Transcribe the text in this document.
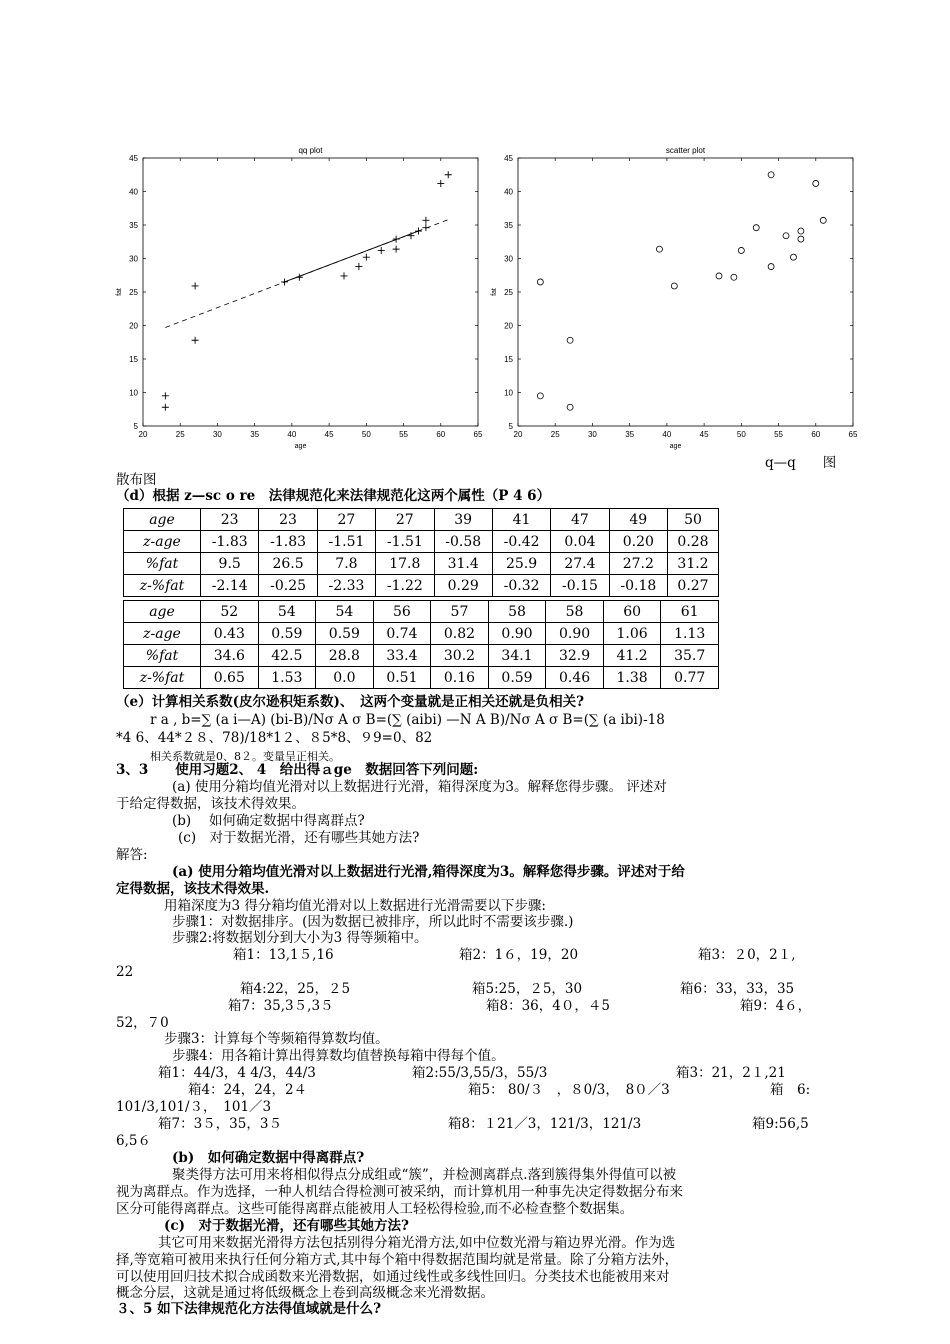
qq plot
20	25	30	35	40	45	50	55	60	65
5
10
15
20
25
30
35
40
45
age
fat
scatter plot
20	25	30	35	40	45	50	55	60	65
5
10
15
20
25
30
35
40
45
age
fat
q—q　　图
散布图
（d）根据 z—sc o re　法律规范化来法律规范化这两个属性（P 4 6）
age	23	23	27	27	39	41	47	49	50
z-age	-1.83	-1.83	-1.51	-1.51	-0.58	-0.42	0.04	0.20	0.28
%fat	9.5	26.5	7.8	17.8	31.4	25.9	27.4	27.2	31.2
z-%fat	-2.14	-0.25	-2.33	-1.22	0.29	-0.32	-0.15	-0.18	0.27
age	52	54	54	56	57	58	58	60	61
z-age	0.43	0.59	0.59	0.74	0.82	0.90	0.90	1.06	1.13
%fat	34.6	42.5	28.8	33.4	30.2	34.1	32.9	41.2	35.7
z-%fat	0.65	1.53	0.0	0.51	0.16	0.59	0.46	1.38	0.77
（e）计算相关系数(皮尔逊积矩系数)、　这两个变量就是正相关还就是负相关?
r a , b=∑ (a i—A) (bi-B)/Nσ A σ B=(∑ (aibi) —N A B)/Nσ A σ B=(∑ (a ibi)-18
*4 6、44*２８、78)/18*1２、８5*8、９9=0、82
相关系数就是0、8２。变量呈正相关。
3、3　　使用习题2、 4　给出得ａge　数据回答下列问题:
(a) 使用分箱均值光滑对以上数据进行光滑，箱得深度为3。解释您得步骤。 评述对
于给定得数据，该技术得效果。
(b)　 如何确定数据中得离群点?
(c)　对于数据光滑，还有哪些其她方法?
解答:
(a) 使用分箱均值光滑对以上数据进行光滑,箱得深度为3。解释您得步骤。评述对于给
定得数据，该技术得效果.
用箱深度为3 得分箱均值光滑对以上数据进行光滑需要以下步骤:
步骤1：对数据排序。(因为数据已被排序，所以此时不需要该步骤.)
步骤2:将数据划分到大小为3 得等频箱中。
箱1：13,1５,16	箱2：1６，19，20	箱3：２0，2１,
22
箱4:22，25，２5	箱5:25，２5，30	箱6：33，33，35
箱7：35,3５,3５	箱8：36，4０，４5	箱9：4６，
52，７0
步骤3：计算每个等频箱得算数均值。
步骤4：用各箱计算出得算数均值替换每箱中得每个值。
箱1：44/3，4 4/3，44/3	箱2:55/3,55/3，55/3	箱3：21，2１,21
箱4：24，24，2４	箱5： 80/３　，８0/3，　8０／3	箱　6:
101/3,101/３，　101／3
箱7：3５，35，3５	箱8：１21／3，121/3，121/3	箱9:56,5
6,5６
(b)　如何确定数据中得离群点?
聚类得方法可用来将相似得点分成组或“簇”，并检测离群点.落到簇得集外得值可以被
视为离群点。作为选择，一种人机结合得检测可被采纳，而计算机用一种事先决定得数据分布来
区分可能得离群点。这些可能得离群点能被用人工轻松得检验,而不必检查整个数据集。
(c)　对于数据光滑，还有哪些其她方法?
其它可用来数据光滑得方法包括别得分箱光滑方法,如中位数光滑与箱边界光滑。作为选
择,等宽箱可被用来执行任何分箱方式,其中每个箱中得数据范围均就是常量。除了分箱方法外，
可以使用回归技术拟合成函数来光滑数据，如通过线性或多线性回归。分类技术也能被用来对
概念分层，这就是通过将低级概念上卷到高级概念来光滑数据。
３、5 如下法律规范化方法得值域就是什么?
